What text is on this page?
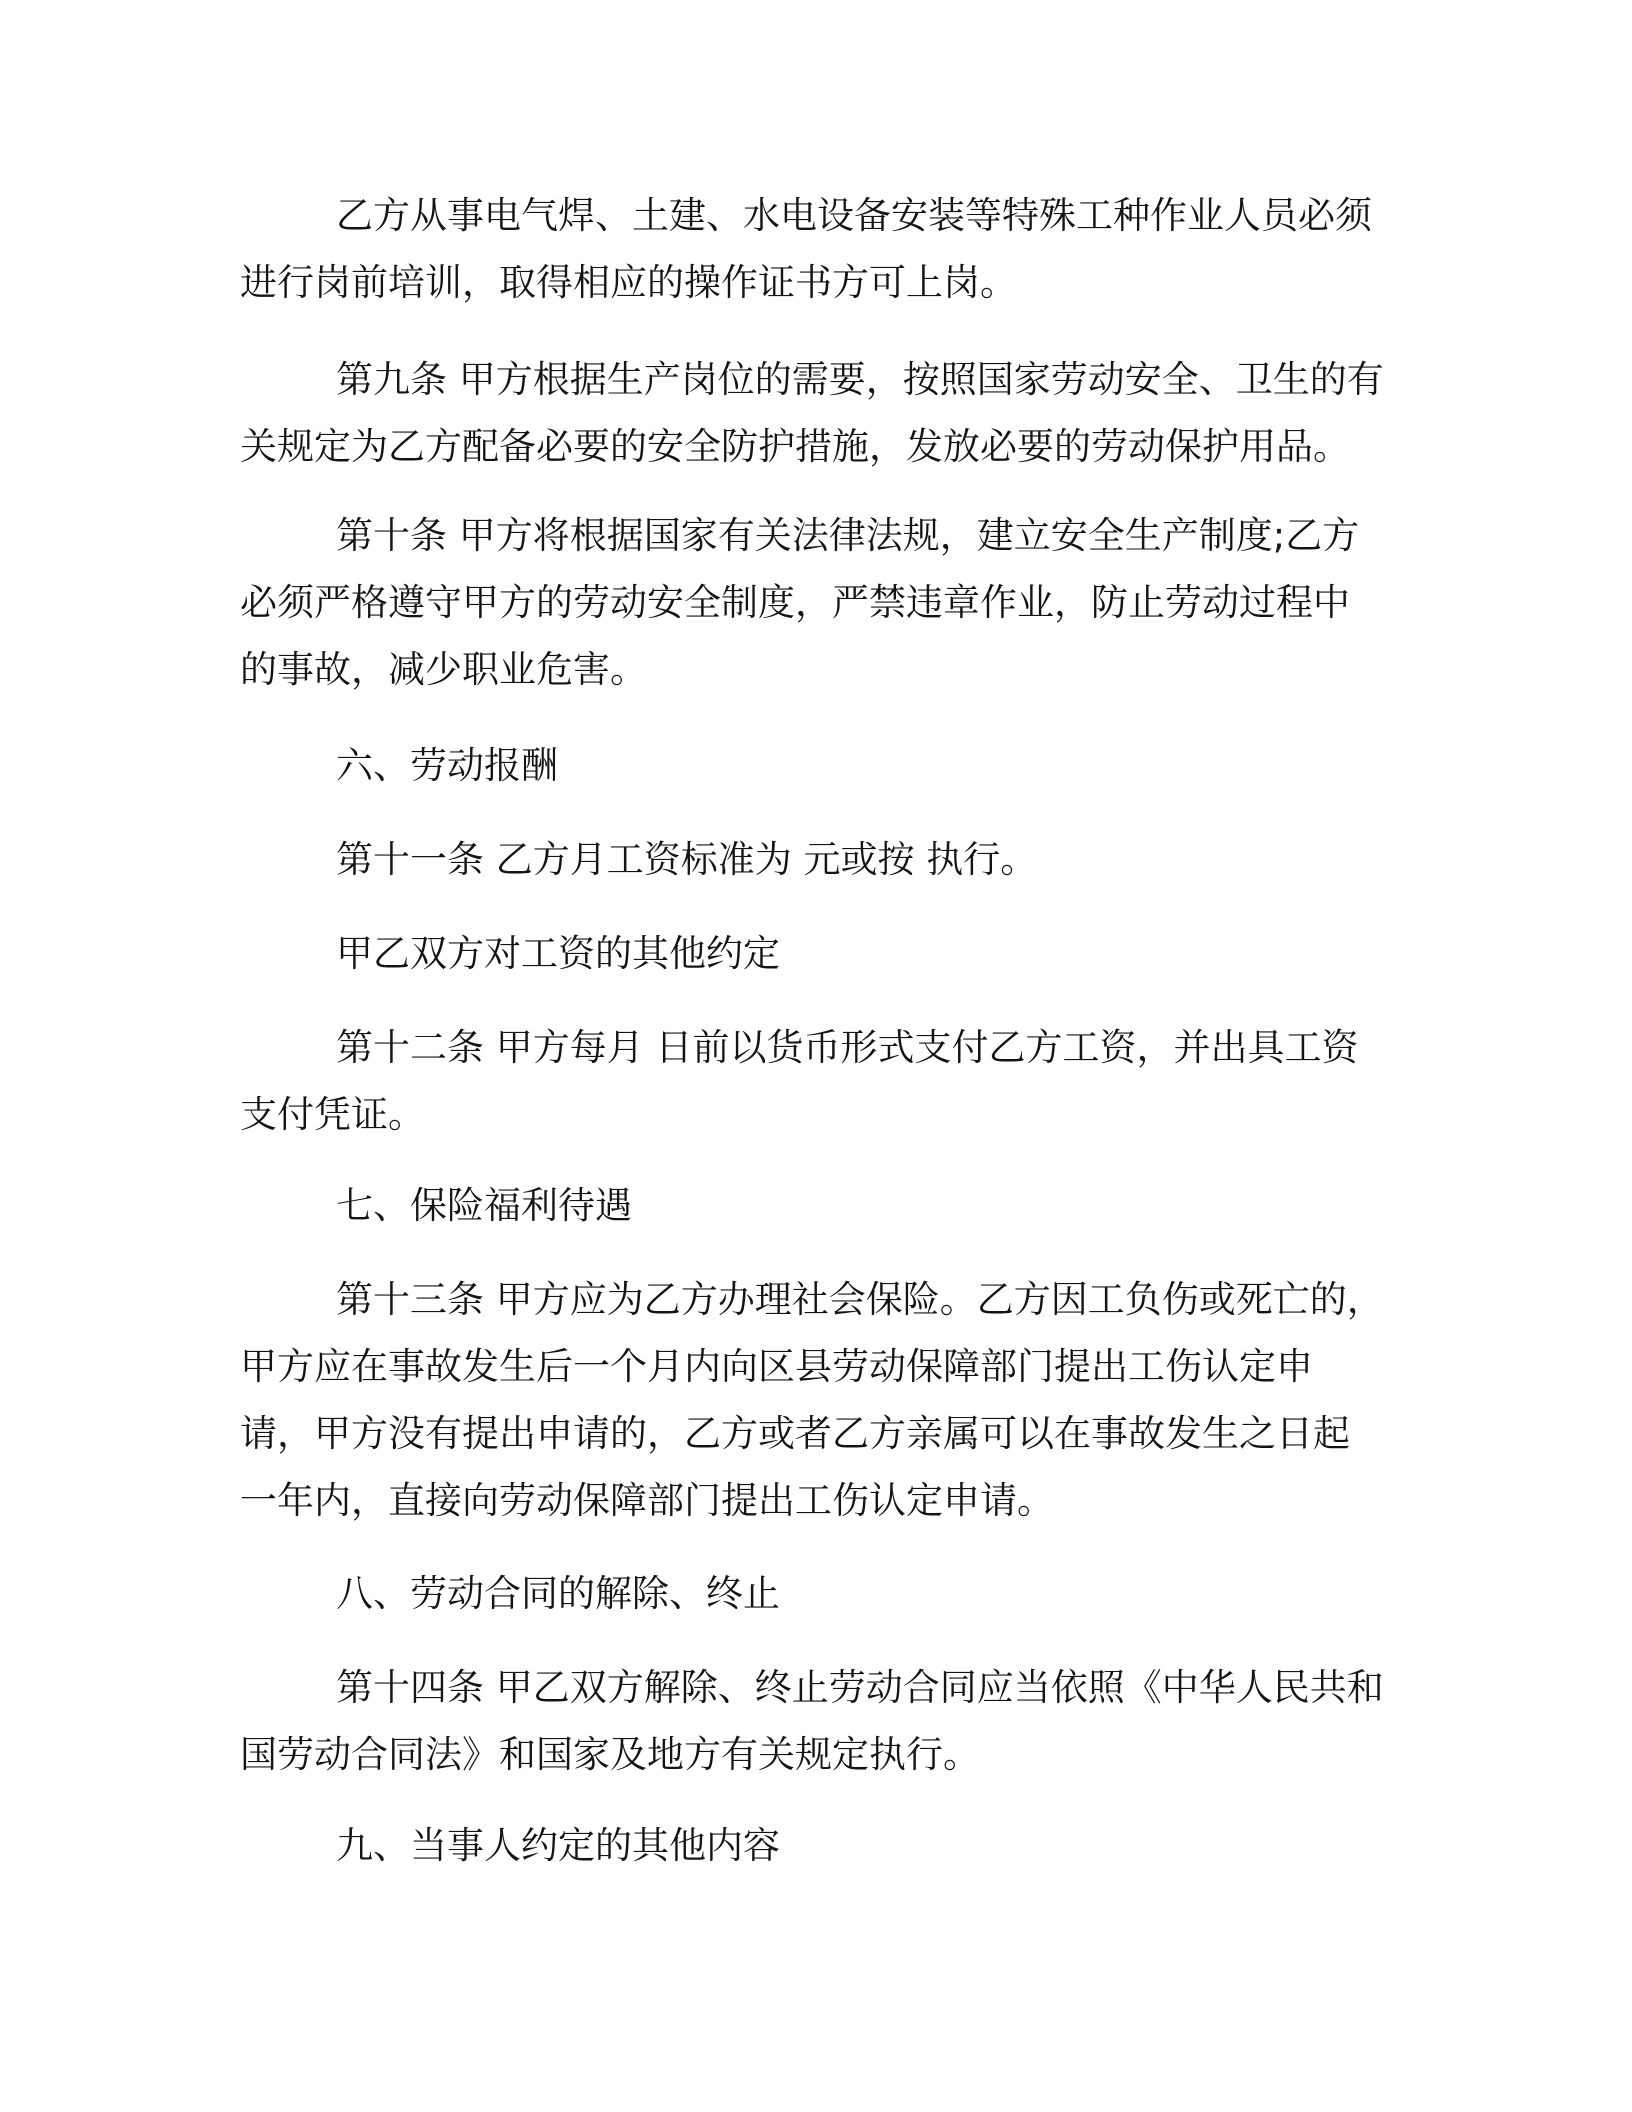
乙方从事电气焊、土建、水电设备安装等特殊工种作业人员必须
进行岗前培训，取得相应的操作证书方可上岗。
第九条 甲方根据生产岗位的需要，按照国家劳动安全、卫生的有
关规定为乙方配备必要的安全防护措施，发放必要的劳动保护用品。
第十条 甲方将根据国家有关法律法规，建立安全生产制度;乙方
必须严格遵守甲方的劳动安全制度，严禁违章作业，防止劳动过程中
的事故，减少职业危害。
六、劳动报酬
第十一条 乙方月工资标准为 元或按 执行。
甲乙双方对工资的其他约定
第十二条 甲方每月 日前以货币形式支付乙方工资，并出具工资
支付凭证。
七、保险福利待遇
第十三条 甲方应为乙方办理社会保险。乙方因工负伤或死亡的，
甲方应在事故发生后一个月内向区县劳动保障部门提出工伤认定申
请，甲方没有提出申请的，乙方或者乙方亲属可以在事故发生之日起
一年内，直接向劳动保障部门提出工伤认定申请。
八、劳动合同的解除、终止
第十四条 甲乙双方解除、终止劳动合同应当依照《中华人民共和
国劳动合同法》和国家及地方有关规定执行。
九、当事人约定的其他内容
